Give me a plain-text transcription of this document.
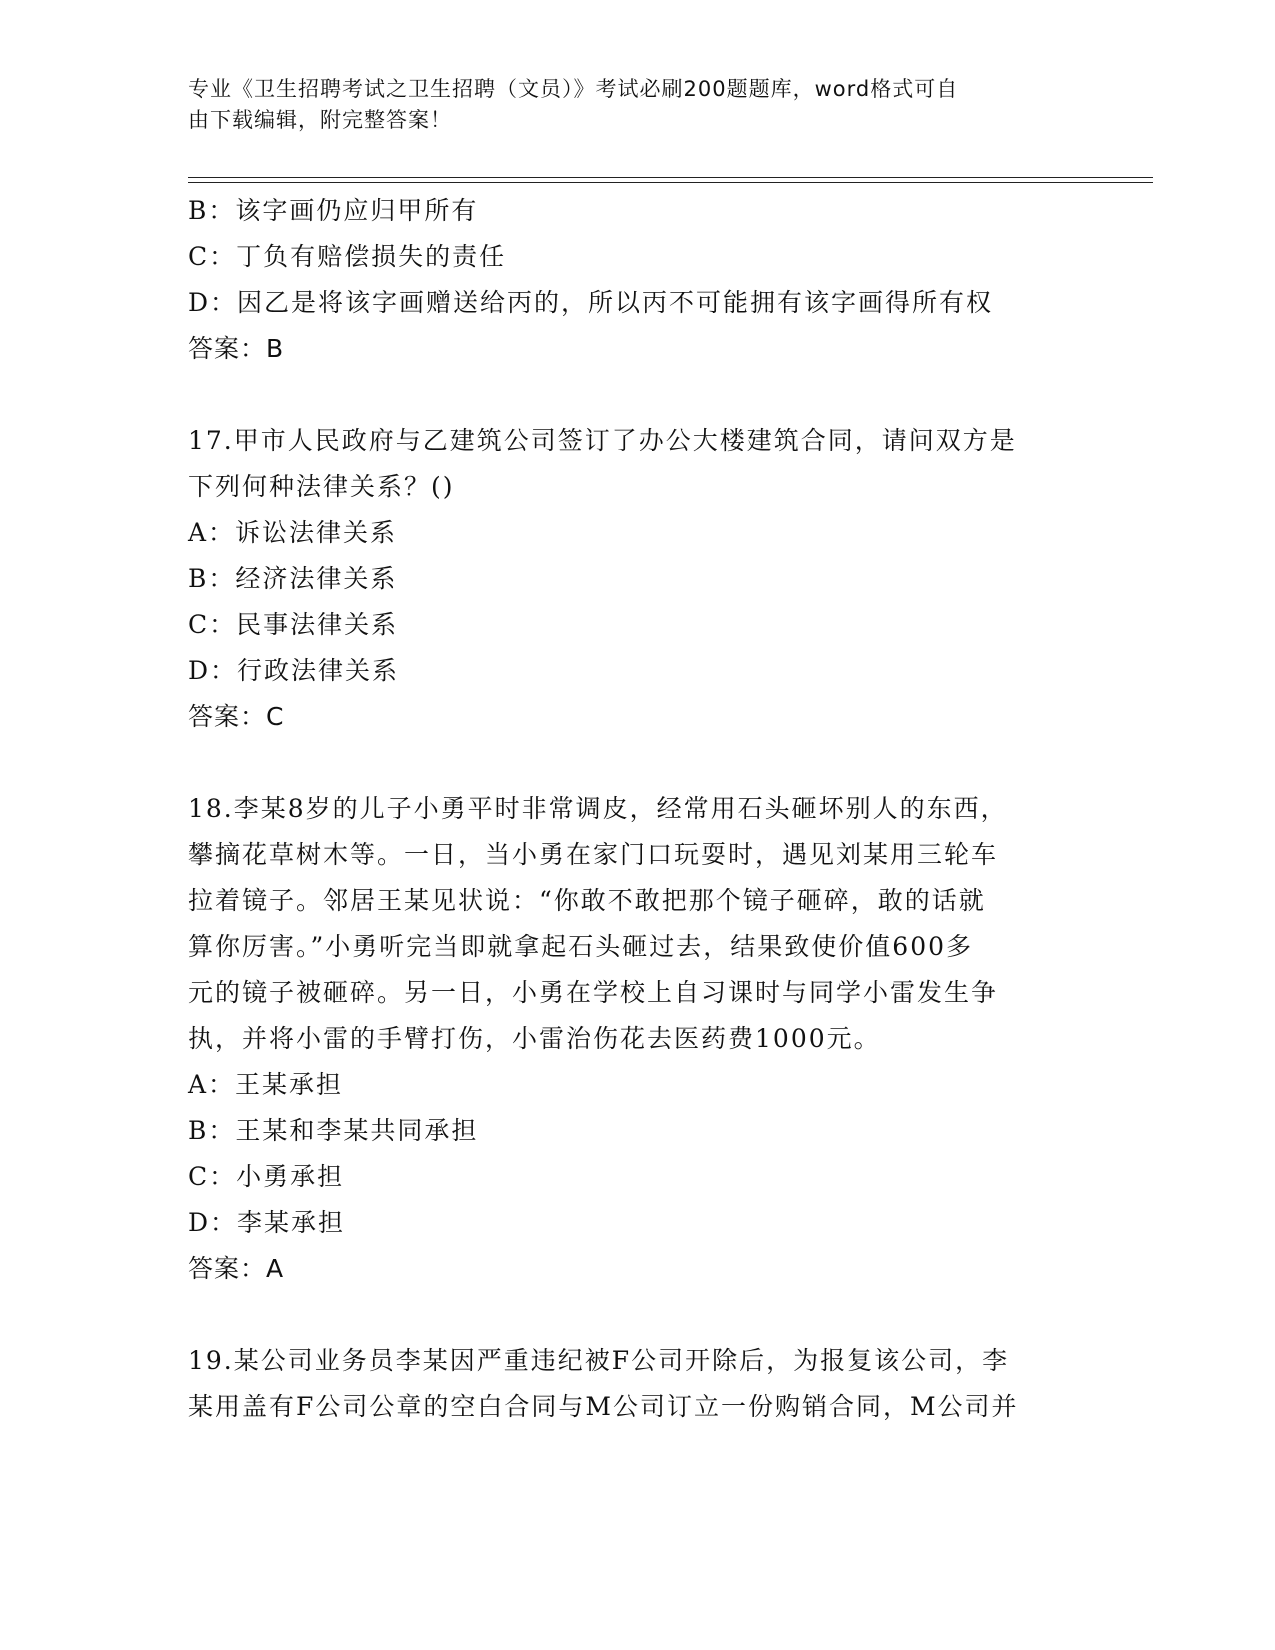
专业《卫生招聘考试之卫生招聘（文员）》考试必刷200题题库，word格式可自
由下载编辑，附完整答案！
B：该字画仍应归甲所有
C：丁负有赔偿损失的责任
D：因乙是将该字画赠送给丙的，所以丙不可能拥有该字画得所有权
答案：B
17.甲市人民政府与乙建筑公司签订了办公大楼建筑合同，请问双方是
下列何种法律关系？()
A：诉讼法律关系
B：经济法律关系
C：民事法律关系
D：行政法律关系
答案：C
18.李某8岁的儿子小勇平时非常调皮，经常用石头砸坏别人的东西，
攀摘花草树木等。一日，当小勇在家门口玩耍时，遇见刘某用三轮车
拉着镜子。邻居王某见状说：“你敢不敢把那个镜子砸碎，敢的话就
算你厉害。”小勇听完当即就拿起石头砸过去，结果致使价值600多
元的镜子被砸碎。另一日，小勇在学校上自习课时与同学小雷发生争
执，并将小雷的手臂打伤，小雷治伤花去医药费1000元。
A：王某承担
B：王某和李某共同承担
C：小勇承担
D：李某承担
答案：A
19.某公司业务员李某因严重违纪被F公司开除后，为报复该公司，李
某用盖有F公司公章的空白合同与M公司订立一份购销合同，M公司并
